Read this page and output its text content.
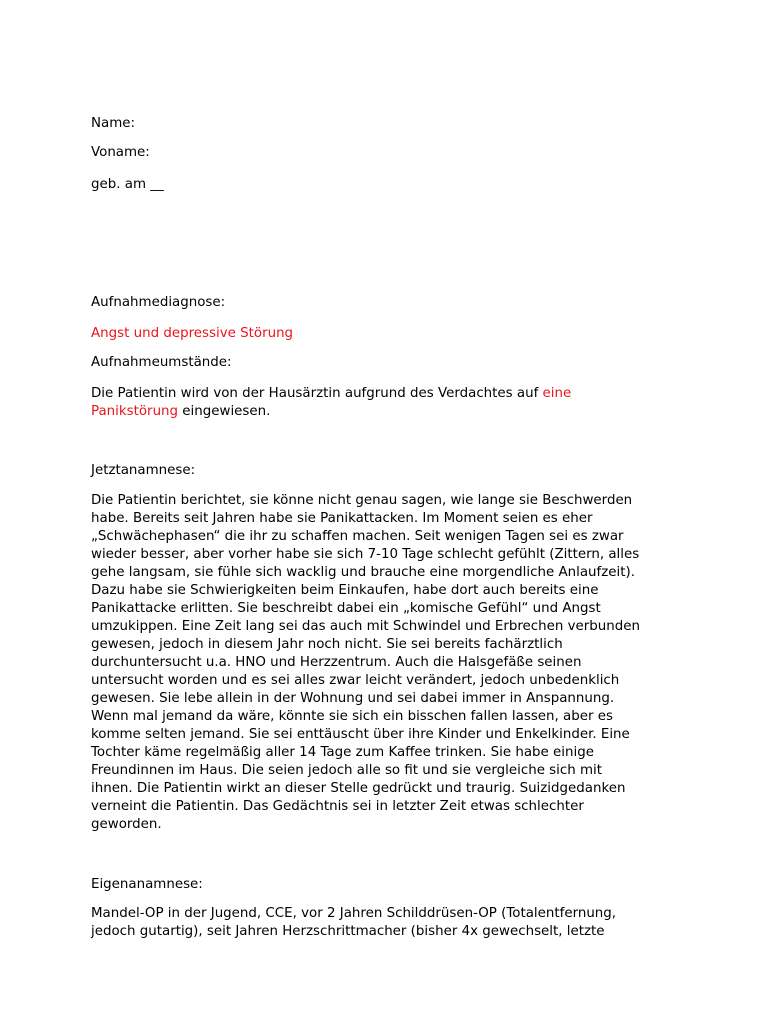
Name:
Voname:
geb. am __
Aufnahmediagnose:
Angst und depressive Störung
Aufnahmeumstände:
Die Patientin wird von der Hausärztin aufgrund des Verdachtes auf eine
Panikstörung eingewiesen.
Jetztanamnese:
Die Patientin berichtet, sie könne nicht genau sagen, wie lange sie Beschwerden
habe. Bereits seit Jahren habe sie Panikattacken. Im Moment seien es eher
„Schwächephasen“ die ihr zu schaffen machen. Seit wenigen Tagen sei es zwar
wieder besser, aber vorher habe sie sich 7-10 Tage schlecht gefühlt (Zittern, alles
gehe langsam, sie fühle sich wacklig und brauche eine morgendliche Anlaufzeit).
Dazu habe sie Schwierigkeiten beim Einkaufen, habe dort auch bereits eine
Panikattacke erlitten. Sie beschreibt dabei ein „komische Gefühl“ und Angst
umzukippen. Eine Zeit lang sei das auch mit Schwindel und Erbrechen verbunden
gewesen, jedoch in diesem Jahr noch nicht. Sie sei bereits fachärztlich
durchuntersucht u.a. HNO und Herzzentrum. Auch die Halsgefäße seinen
untersucht worden und es sei alles zwar leicht verändert, jedoch unbedenklich
gewesen. Sie lebe allein in der Wohnung und sei dabei immer in Anspannung.
Wenn mal jemand da wäre, könnte sie sich ein bisschen fallen lassen, aber es
komme selten jemand. Sie sei enttäuscht über ihre Kinder und Enkelkinder. Eine
Tochter käme regelmäßig aller 14 Tage zum Kaffee trinken. Sie habe einige
Freundinnen im Haus. Die seien jedoch alle so fit und sie vergleiche sich mit
ihnen. Die Patientin wirkt an dieser Stelle gedrückt und traurig. Suizidgedanken
verneint die Patientin. Das Gedächtnis sei in letzter Zeit etwas schlechter
geworden.
Eigenanamnese:
Mandel-OP in der Jugend, CCE, vor 2 Jahren Schilddrüsen-OP (Totalentfernung,
jedoch gutartig), seit Jahren Herzschrittmacher (bisher 4x gewechselt, letzte
